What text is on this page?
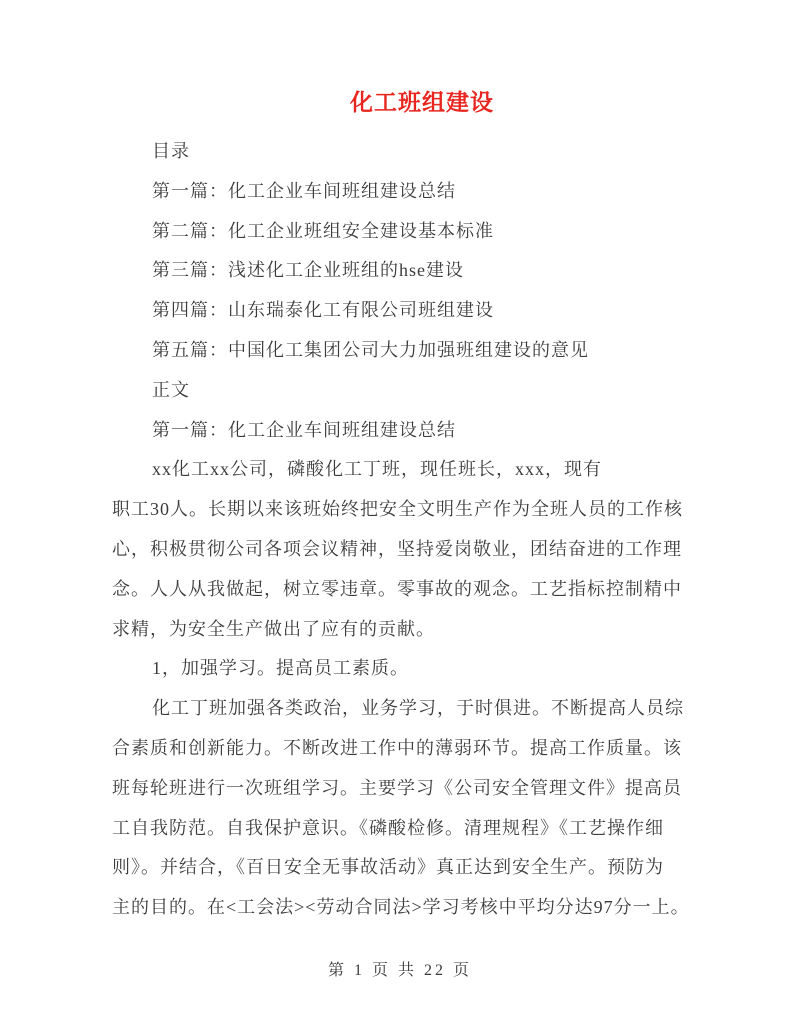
化工班组建设
目录
第一篇：化工企业车间班组建设总结
第二篇：化工企业班组安全建设基本标准
第三篇：浅述化工企业班组的hse建设
第四篇：山东瑞泰化工有限公司班组建设
第五篇：中国化工集团公司大力加强班组建设的意见
正文
第一篇：化工企业车间班组建设总结
xx化工xx公司，磷酸化工丁班，现任班长，xxx，现有
职工30人。长期以来该班始终把安全文明生产作为全班人员的工作核
心，积极贯彻公司各项会议精神，坚持爱岗敬业，团结奋进的工作理
念。人人从我做起，树立零违章。零事故的观念。工艺指标控制精中
求精，为安全生产做出了应有的贡献。
1，加强学习。提高员工素质。
化工丁班加强各类政治，业务学习，于时俱进。不断提高人员综
合素质和创新能力。不断改进工作中的薄弱环节。提高工作质量。该
班每轮班进行一次班组学习。主要学习《公司安全管理文件》提高员
工自我防范。自我保护意识。《磷酸检修。清理规程》《工艺操作细
则》。并结合，《百日安全无事故活动》真正达到安全生产。预防为
主的目的。在<工会法><劳动合同法>学习考核中平均分达97分一上。
第 1 页 共 22 页
